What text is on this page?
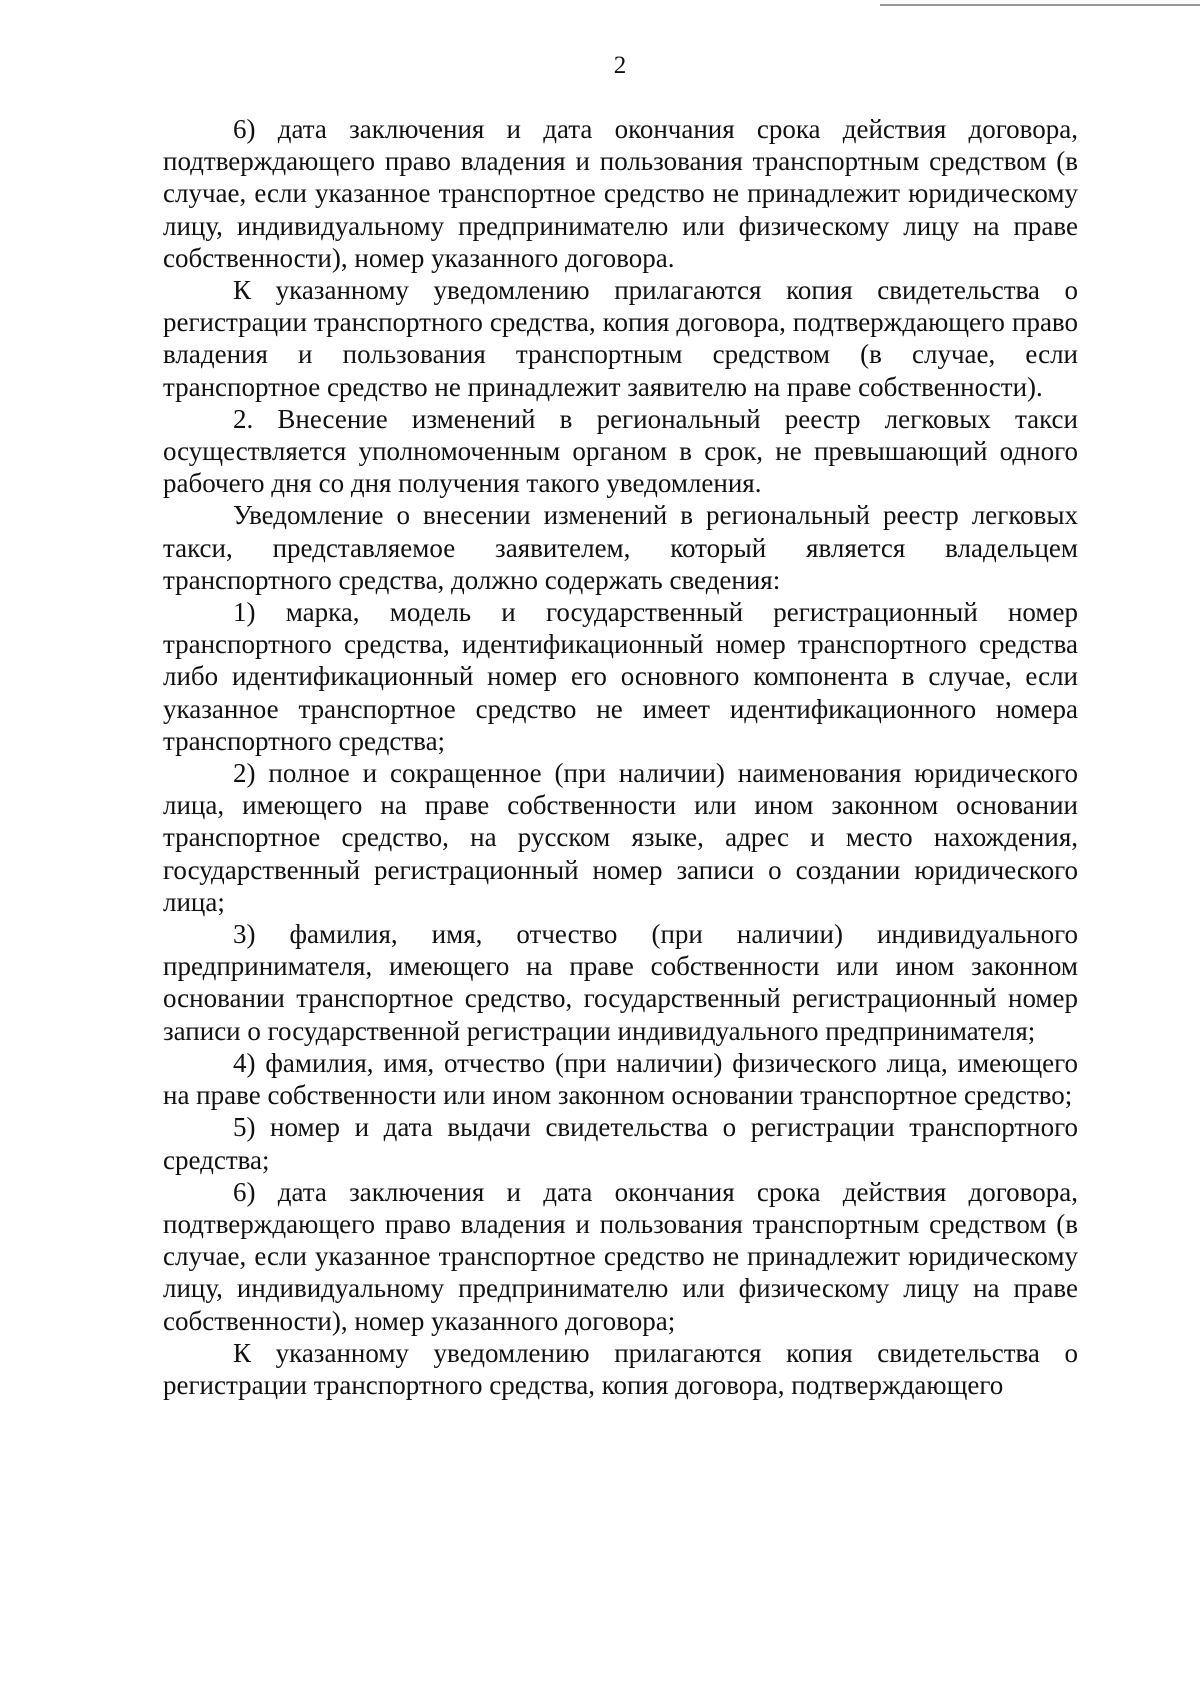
2

6) дата заключения и дата окончания срока действия договора, подтверждающего право владения и пользования транспортным средством (в случае, если указанное транспортное средство не принадлежит юридическому лицу, индивидуальному предпринимателю или физическому лицу на праве собственности), номер указанного договора.

К указанному уведомлению прилагаются копия свидетельства о регистрации транспортного средства, копия договора, подтверждающего право владения и пользования транспортным средством (в случае, если транспортное средство не принадлежит заявителю на праве собственности).

2. Внесение изменений в региональный реестр легковых такси осуществляется уполномоченным органом в срок, не превышающий одного рабочего дня со дня получения такого уведомления.

Уведомление о внесении изменений в региональный реестр легковых такси, представляемое заявителем, который является владельцем транспортного средства, должно содержать сведения:

1) марка, модель и государственный регистрационный номер транспортного средства, идентификационный номер транспортного средства либо идентификационный номер его основного компонента в случае, если указанное транспортное средство не имеет идентификационного номера транспортного средства;

2) полное и сокращенное (при наличии) наименования юридического лица, имеющего на праве собственности или ином законном основании транспортное средство, на русском языке, адрес и место нахождения, государственный регистрационный номер записи о создании юридического лица;

3) фамилия, имя, отчество (при наличии) индивидуального предпринимателя, имеющего на праве собственности или ином законном основании транспортное средство, государственный регистрационный номер записи о государственной регистрации индивидуального предпринимателя;

4) фамилия, имя, отчество (при наличии) физического лица, имеющего на праве собственности или ином законном основании транспортное средство;

5) номер и дата выдачи свидетельства о регистрации транспортного средства;

6) дата заключения и дата окончания срока действия договора, подтверждающего право владения и пользования транспортным средством (в случае, если указанное транспортное средство не принадлежит юридическому лицу, индивидуальному предпринимателю или физическому лицу на праве собственности), номер указанного договора;

К указанному уведомлению прилагаются копия свидетельства о регистрации транспортного средства, копия договора, подтверждающего
